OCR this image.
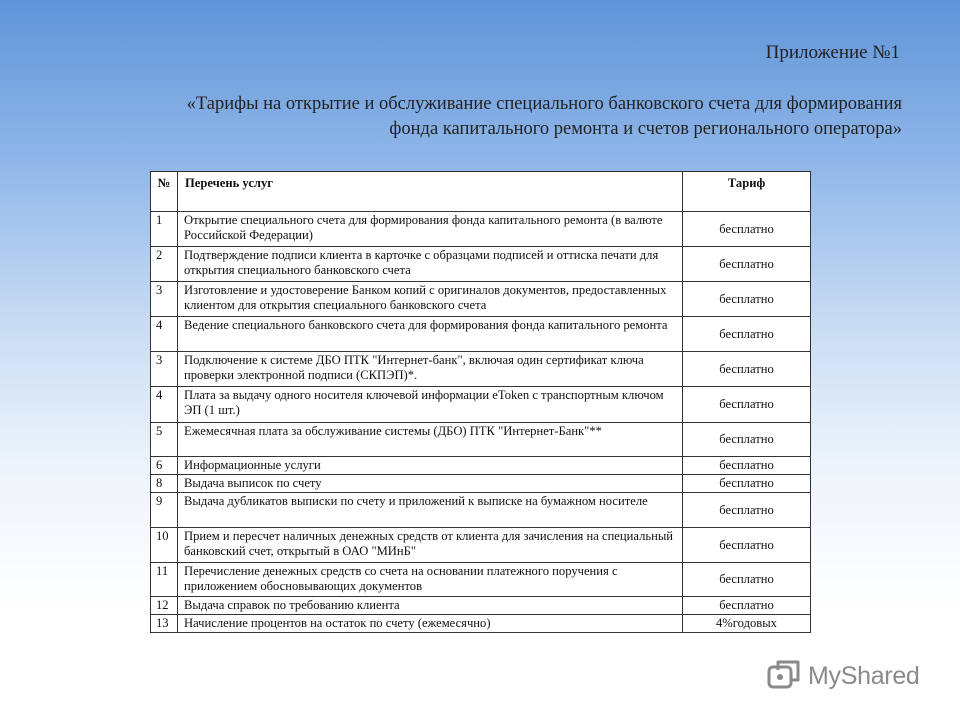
Приложение №1
«Тарифы на открытие и обслуживание специального банковского счета для формирования
фонда капитального ремонта и счетов регионального оператора»
№	Перечень услуг	Тариф
1	Открытие специального счета для формирования фонда капитального ремонта (в валюте Российской Федерации)	бесплатно
2	Подтверждение подписи клиента в карточке с образцами подписей и оттиска печати для открытия специального банковского счета	бесплатно
3	Изготовление и удостоверение Банком копий с оригиналов документов, предоставленных клиентом для открытия специального банковского счета	бесплатно
4	Ведение специального банковского счета для формирования фонда капитального ремонта	бесплатно
3	Подключение к системе ДБО ПТК "Интернет-банк", включая один сертификат ключа проверки электронной подписи (СКПЭП)*.	бесплатно
4	Плата за выдачу одного носителя ключевой информации eToken с транспортным ключом ЭП (1 шт.)	бесплатно
5	Ежемесячная плата за обслуживание системы (ДБО) ПТК "Интернет-Банк"**	бесплатно
6	Информационные услуги	бесплатно
8	Выдача выписок по счету	бесплатно
9	Выдача дубликатов выписки по счету и приложений к выписке на бумажном носителе	бесплатно
10	Прием и пересчет наличных денежных средств от клиента для зачисления на специальный банковский счет, открытый в ОАО "МИнБ"	бесплатно
11	Перечисление денежных средств со счета на основании платежного поручения с приложением обосновывающих документов	бесплатно
12	Выдача справок по требованию клиента	бесплатно
13	Начисление процентов на остаток по счету (ежемесячно)	4%годовых
MyShared
